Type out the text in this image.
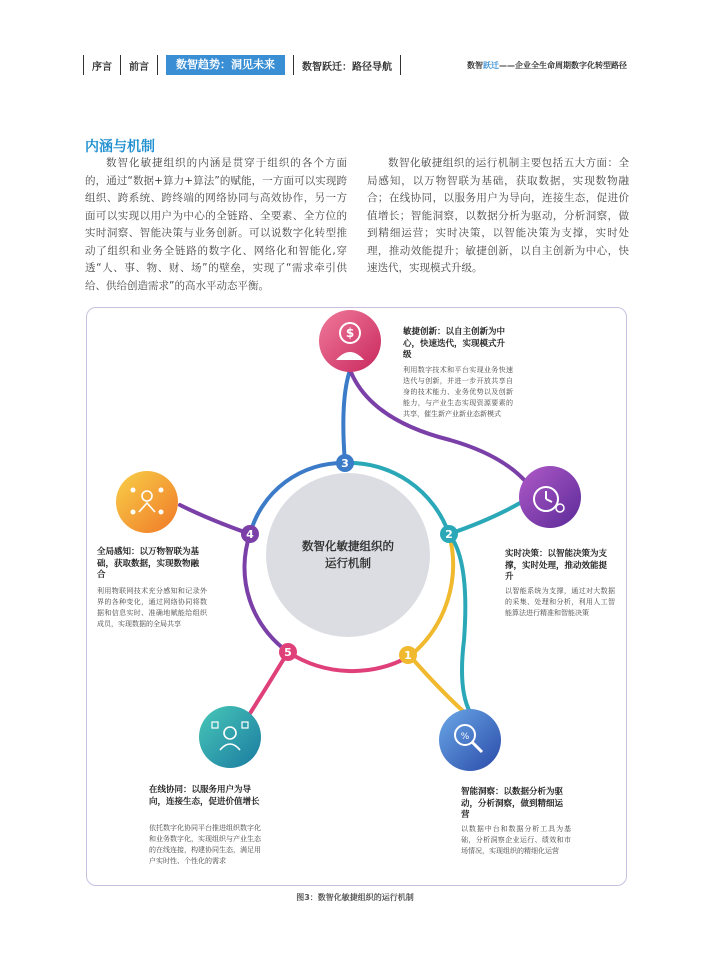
序言 前言	数智趋势：洞见未来	数智跃迁：路径导航	数智跃迁——企业全生命周期数字化转型路径
内涵与机制
数智化敏捷组织的内涵是贯穿于组织的各个方面的，通过“数据+算力+算法”的赋能，一方面可以实现跨组织、跨系统、跨终端的网络协同与高效协作，另一方面可以实现以用户为中心的全链路、全要素、全方位的实时洞察、智能决策与业务创新。可以说数字化转型推动了组织和业务全链路的数字化、网络化和智能化,穿透“人、事、物、财、场”的壁垒，实现了“需求牵引供给、供给创造需求”的高水平动态平衡。
数智化敏捷组织的运行机制主要包括五大方面：全局感知，以万物智联为基础，获取数据，实现数物融合；在线协同，以服务用户为导向，连接生态，促进价值增长；智能洞察，以数据分析为驱动，分析洞察，做到精细运营；实时决策，以智能决策为支撑，实时处理，推动效能提升；敏捷创新，以自主创新为中心，快速迭代，实现模式升级。
$
%
1
2
3
4
5
数智化敏捷组织的运行机制
敏捷创新：以自主创新为中心，快速迭代，实现模式升级
利用数字技术和平台实现业务快速迭代与创新，并进一步开放共享自身的技术能力、业务优势以及创新能力，与产业生态实现资源要素的共享，催生新产业新业态新模式
实时决策：以智能决策为支撑，实时处理，推动效能提升
以智能系统为支撑，通过对大数据的采集、处理和分析，利用人工智能算法进行精准和智能决策
智能洞察：以数据分析为驱动，分析洞察，做到精细运营
以数据中台和数据分析工具为基础，分析洞察企业运行、绩效和市场情况，实现组织的精细化运营
在线协同：以服务用户为导向，连接生态，促进价值增长
依托数字化协同平台推进组织数字化和业务数字化，实现组织与产业生态的在线连接，构建协同生态，满足用户实时性、个性化的需求
全局感知：以万物智联为基础，获取数据，实现数物融合
利用物联网技术充分感知和记录外界的各种变化，通过网络协同将数据和信息实时、准确地赋能给组织成员，实现数据的全局共享
图3：数智化敏捷组织的运行机制
